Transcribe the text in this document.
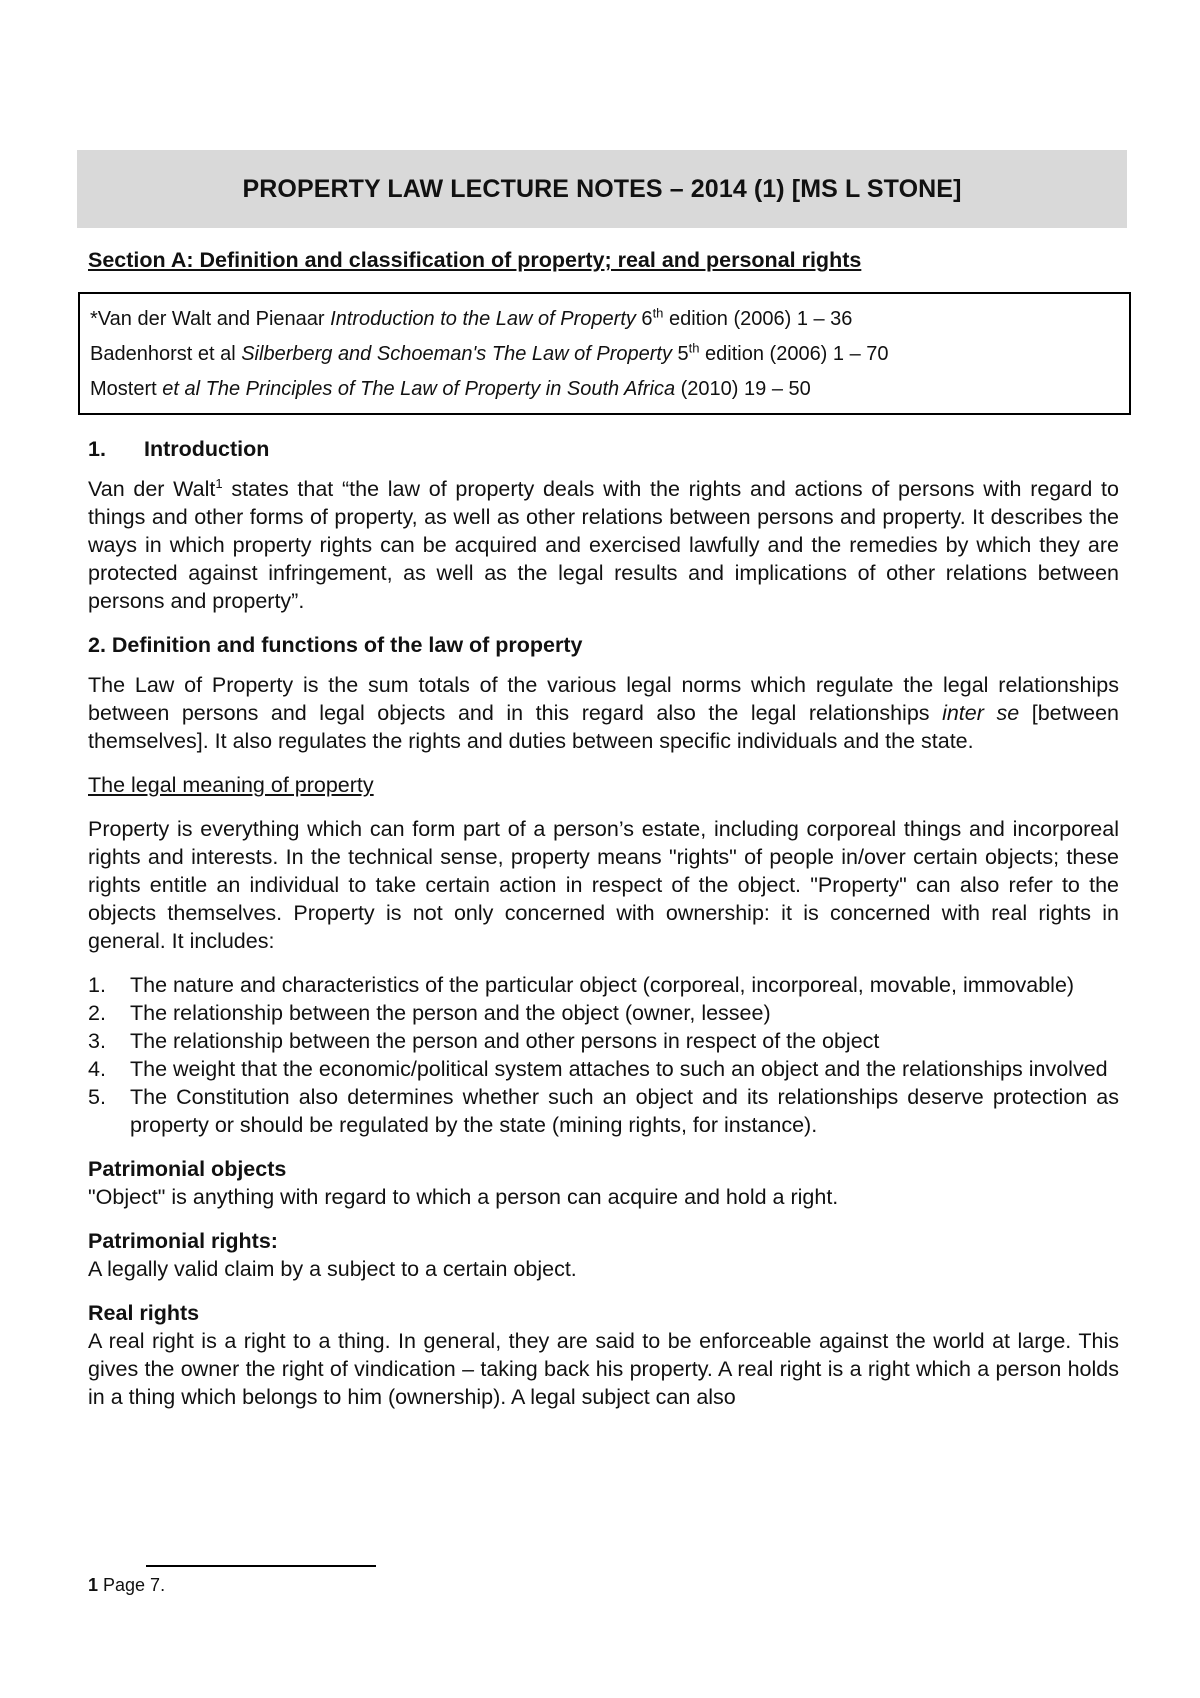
PROPERTY LAW LECTURE NOTES – 2014 (1) [MS L STONE]
Section A: Definition and classification of property; real and personal rights
*Van der Walt and Pienaar Introduction to the Law of Property 6th edition (2006) 1 – 36
Badenhorst et al Silberberg and Schoeman's The Law of Property 5th edition (2006) 1 – 70
Mostert et al The Principles of The Law of Property in South Africa (2010) 19 – 50
1.	Introduction

Van der Walt$^1$ states that “the law of property deals with the rights and actions of persons with regard to things and other forms of property, as well as other relations between persons and property. It describes the ways in which property rights can be acquired and exercised lawfully and the remedies by which they are protected against infringement, as well as the legal results and implications of other relations between persons and property”.

2. Definition and functions of the law of property

The Law of Property is the sum totals of the various legal norms which regulate the legal relationships between persons and legal objects and in this regard also the legal relationships inter se [between themselves]. It also regulates the rights and duties between specific individuals and the state.

The legal meaning of property

Property is everything which can form part of a person’s estate, including corporeal things and incorporeal rights and interests. In the technical sense, property means "rights" of people in/over certain objects; these rights entitle an individual to take certain action in respect of the object. "Property" can also refer to the objects themselves. Property is not only concerned with ownership: it is concerned with real rights in general. It includes:

1.	The nature and characteristics of the particular object (corporeal, incorporeal, movable, immovable)
2.	The relationship between the person and the object (owner, lessee)
3.	The relationship between the person and other persons in respect of the object
4.	The weight that the economic/political system attaches to such an object and the relationships involved
5.	The Constitution also determines whether such an object and its relationships deserve protection as property or should be regulated by the state (mining rights, for instance).
Patrimonial objects

"Object" is anything with regard to which a person can acquire and hold a right.

Patrimonial rights:

A legally valid claim by a subject to a certain object.

Real rights

A real right is a right to a thing. In general, they are said to be enforceable against the world at large. This gives the owner the right of vindication – taking back his property. A real right is a right which a person holds in a thing which belongs to him (ownership). A legal subject can also

1 Page 7.
